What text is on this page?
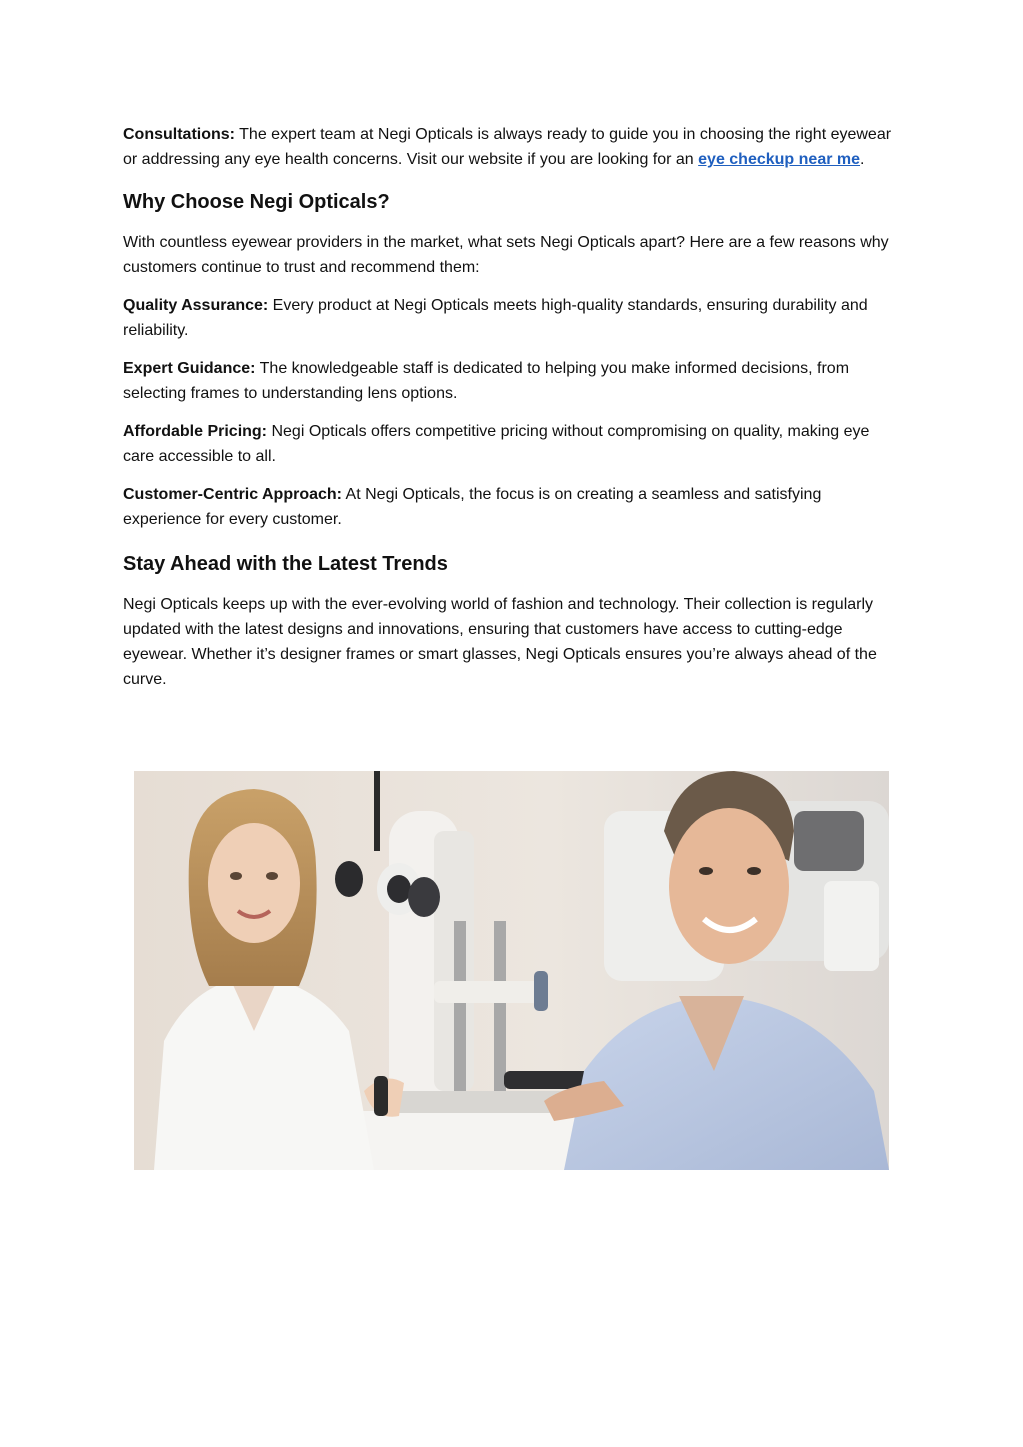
Consultations: The expert team at Negi Opticals is always ready to guide you in choosing the right eyewear or addressing any eye health concerns. Visit our website if you are looking for an eye checkup near me.

Why Choose Negi Opticals?

With countless eyewear providers in the market, what sets Negi Opticals apart? Here are a few reasons why customers continue to trust and recommend them:

Quality Assurance: Every product at Negi Opticals meets high-quality standards, ensuring durability and reliability.

Expert Guidance: The knowledgeable staff is dedicated to helping you make informed decisions, from selecting frames to understanding lens options.

Affordable Pricing: Negi Opticals offers competitive pricing without compromising on quality, making eye care accessible to all.

Customer-Centric Approach: At Negi Opticals, the focus is on creating a seamless and satisfying experience for every customer.

Stay Ahead with the Latest Trends

Negi Opticals keeps up with the ever-evolving world of fashion and technology. Their collection is regularly updated with the latest designs and innovations, ensuring that customers have access to cutting-edge eyewear. Whether it’s designer frames or smart glasses, Negi Opticals ensures you’re always ahead of the curve.
